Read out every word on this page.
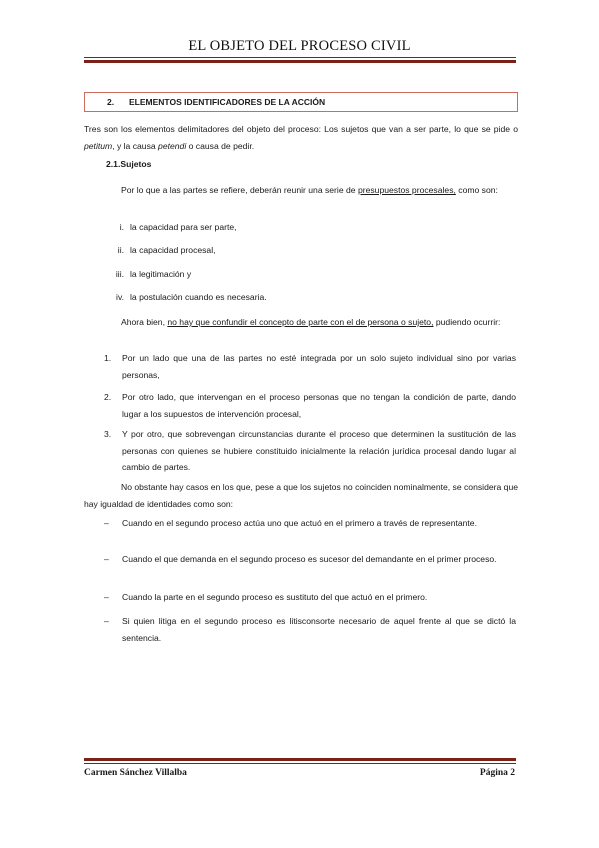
EL OBJETO DEL PROCESO CIVIL
2.	ELEMENTOS IDENTIFICADORES DE LA ACCIÓN
Tres son los elementos delimitadores del objeto del proceso: Los sujetos que van a ser parte, lo que se pide o petitum, y la causa petendi o causa de pedir.
2.1.Sujetos
Por lo que a las partes se refiere, deberán reunir una serie de presupuestos procesales, como son:
i. la capacidad para ser parte,
ii. la capacidad procesal,
iii. la legitimación y
iv. la postulación cuando es necesaria.
Ahora bien, no hay que confundir el concepto de parte con el de persona o sujeto, pudiendo ocurrir:
1. Por un lado que una de las partes no esté integrada por un solo sujeto individual sino por varias personas,
2. Por otro lado, que intervengan en el proceso personas que no tengan la condición de parte, dando lugar a los supuestos de intervención procesal,
3. Y por otro, que sobrevengan circunstancias durante el proceso que determinen la sustitución de las personas con quienes se hubiere constituido inicialmente la relación jurídica procesal dando lugar al cambio de partes.
No obstante hay casos en los que, pese a que los sujetos no coinciden nominalmente, se considera que hay igualdad de identidades como son:
– Cuando en el segundo proceso actúa uno que actuó en el primero a través de representante.
– Cuando el que demanda en el segundo proceso es sucesor del demandante en el primer proceso.
– Cuando la parte en el segundo proceso es sustituto del que actuó en el primero.
– Si quien litiga en el segundo proceso es litisconsorte necesario de aquel frente al que se dictó la sentencia.
Carmen Sánchez Villalba	Página 2
